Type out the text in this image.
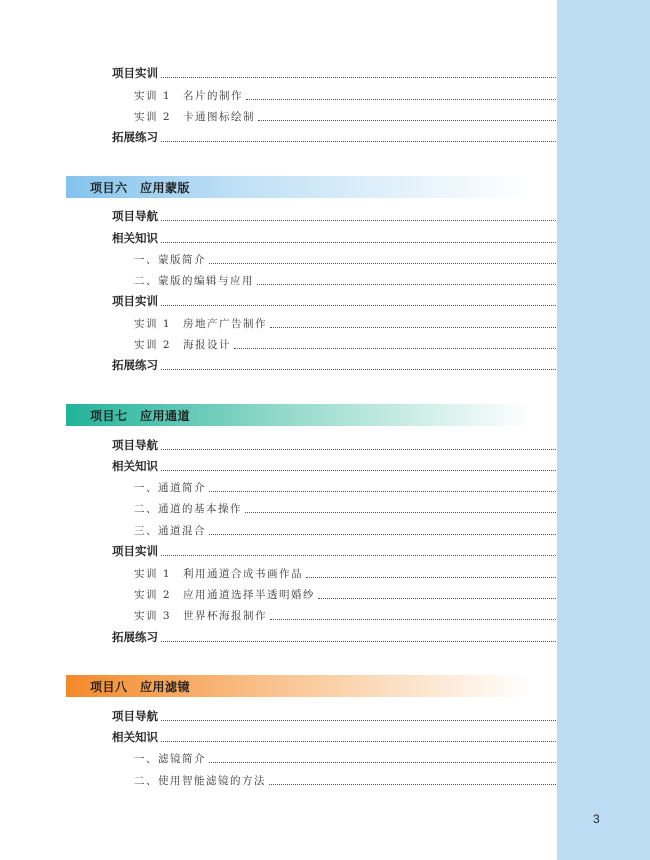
项目实训
实训 1　名片的制作
实训 2　卡通图标绘制
拓展练习
项目六　应用蒙版
项目导航
相关知识
一、蒙版简介
二、蒙版的编辑与应用
项目实训
实训 1　房地产广告制作
实训 2　海报设计
拓展练习
项目七　应用通道
项目导航
相关知识
一、通道简介
二、通道的基本操作
三、通道混合
项目实训
实训 1　利用通道合成书画作品
实训 2　应用通道选择半透明婚纱
实训 3　世界杯海报制作
拓展练习
项目八　应用滤镜
项目导航
相关知识
一、滤镜简介
二、使用智能滤镜的方法
3
